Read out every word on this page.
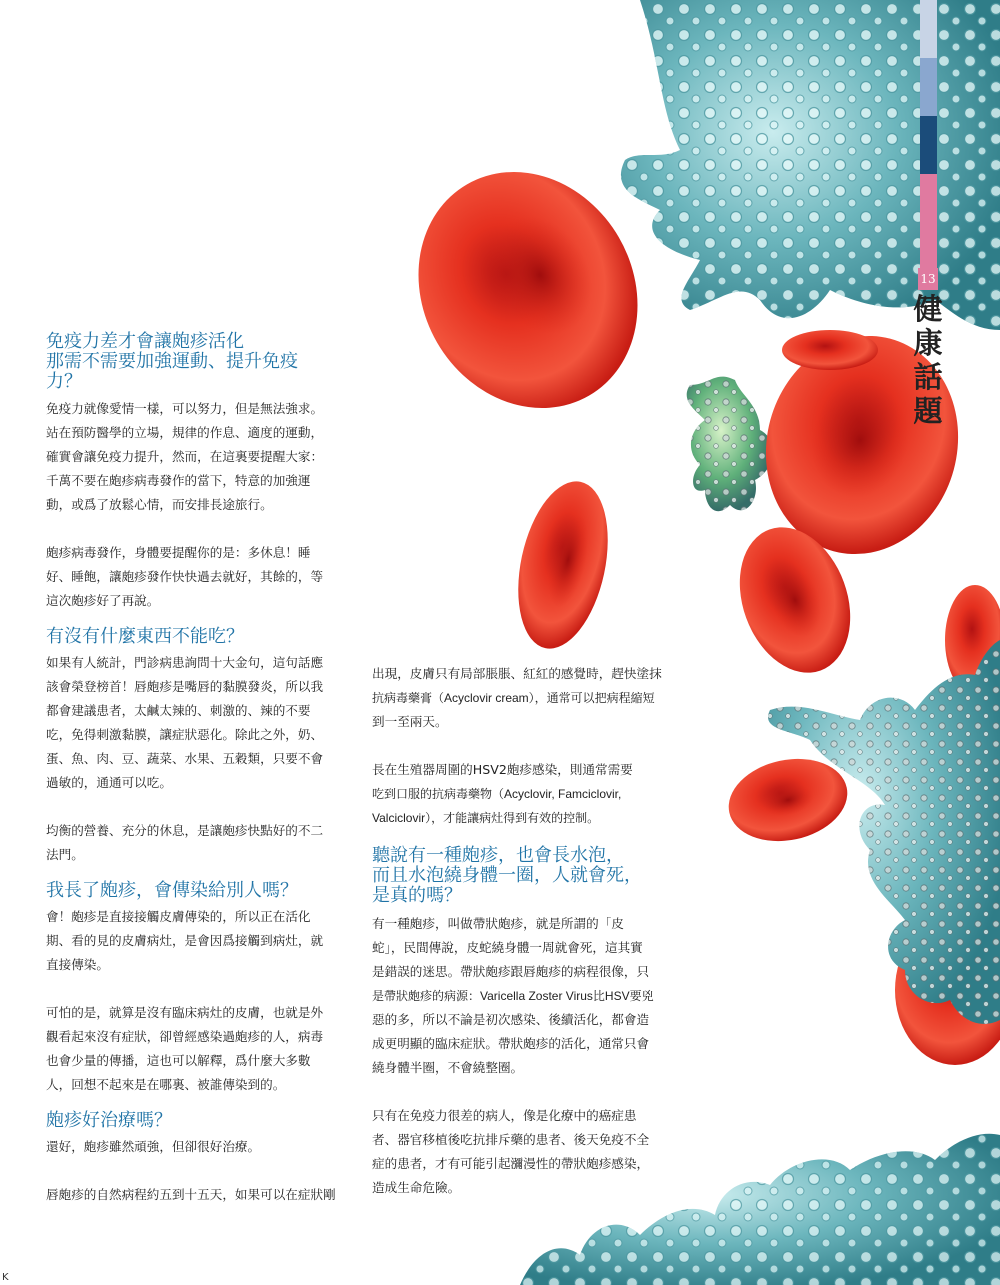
13
健
康
話
題
免疫力差才會讓皰疹活化
那需不需要加強運動、提升免疫
力？

免疫力就像愛情一樣，可以努力，但是無法強求。
站在預防醫學的立場，規律的作息、適度的運動，
確實會讓免疫力提升，然而，在這裏要提醒大家：
千萬不要在皰疹病毒發作的當下，特意的加強運
動，或爲了放鬆心情，而安排長途旅行。

皰疹病毒發作，身體要提醒你的是：多休息！睡
好、睡飽，讓皰疹發作快快過去就好，其餘的，等
這次皰疹好了再說。

有沒有什麼東西不能吃？

如果有人統計，門診病患詢問十大金句，這句話應
該會榮登榜首！唇皰疹是嘴唇的黏膜發炎，所以我
都會建議患者，太鹹太辣的、刺激的、辣的不要
吃，免得刺激黏膜，讓症狀惡化。除此之外，奶、
蛋、魚、肉、豆、蔬菜、水果、五穀類，只要不會
過敏的，通通可以吃。

均衡的營養、充分的休息，是讓皰疹快點好的不二
法門。

我長了皰疹，會傳染給別人嗎？

會！皰疹是直接接觸皮膚傳染的，所以正在活化
期、看的見的皮膚病灶，是會因爲接觸到病灶，就
直接傳染。

可怕的是，就算是沒有臨床病灶的皮膚，也就是外
觀看起來沒有症狀，卻曾經感染過皰疹的人，病毒
也會少量的傳播，這也可以解釋，爲什麼大多數
人，回想不起來是在哪裏、被誰傳染到的。

皰疹好治療嗎？

還好，皰疹雖然頑強，但卻很好治療。

唇皰疹的自然病程約五到十五天，如果可以在症狀剛

出現，皮膚只有局部脹脹、紅紅的感覺時，趕快塗抹
抗病毒藥膏（Acyclovir cream），通常可以把病程縮短
到一至兩天。

長在生殖器周圍的HSV2皰疹感染，則通常需要
吃到口服的抗病毒藥物（Acyclovir, Famciclovir,
Valciclovir），才能讓病灶得到有效的控制。

聽說有一種皰疹，也會長水泡，
而且水泡繞身體一圈，人就會死，
是真的嗎？

有一種皰疹，叫做帶狀皰疹，就是所謂的「皮
蛇」，民間傳說，皮蛇繞身體一周就會死，這其實
是錯誤的迷思。帶狀皰疹跟唇皰疹的病程很像，只
是帶狀皰疹的病源：Varicella Zoster Virus比HSV要兇
惡的多，所以不論是初次感染、後續活化，都會造
成更明顯的臨床症狀。帶狀皰疹的活化，通常只會
繞身體半圈，不會繞整圈。

只有在免疫力很差的病人，像是化療中的癌症患
者、器官移植後吃抗排斥藥的患者、後天免疫不全
症的患者，才有可能引起瀰漫性的帶狀皰疹感染，
造成生命危險。

K
